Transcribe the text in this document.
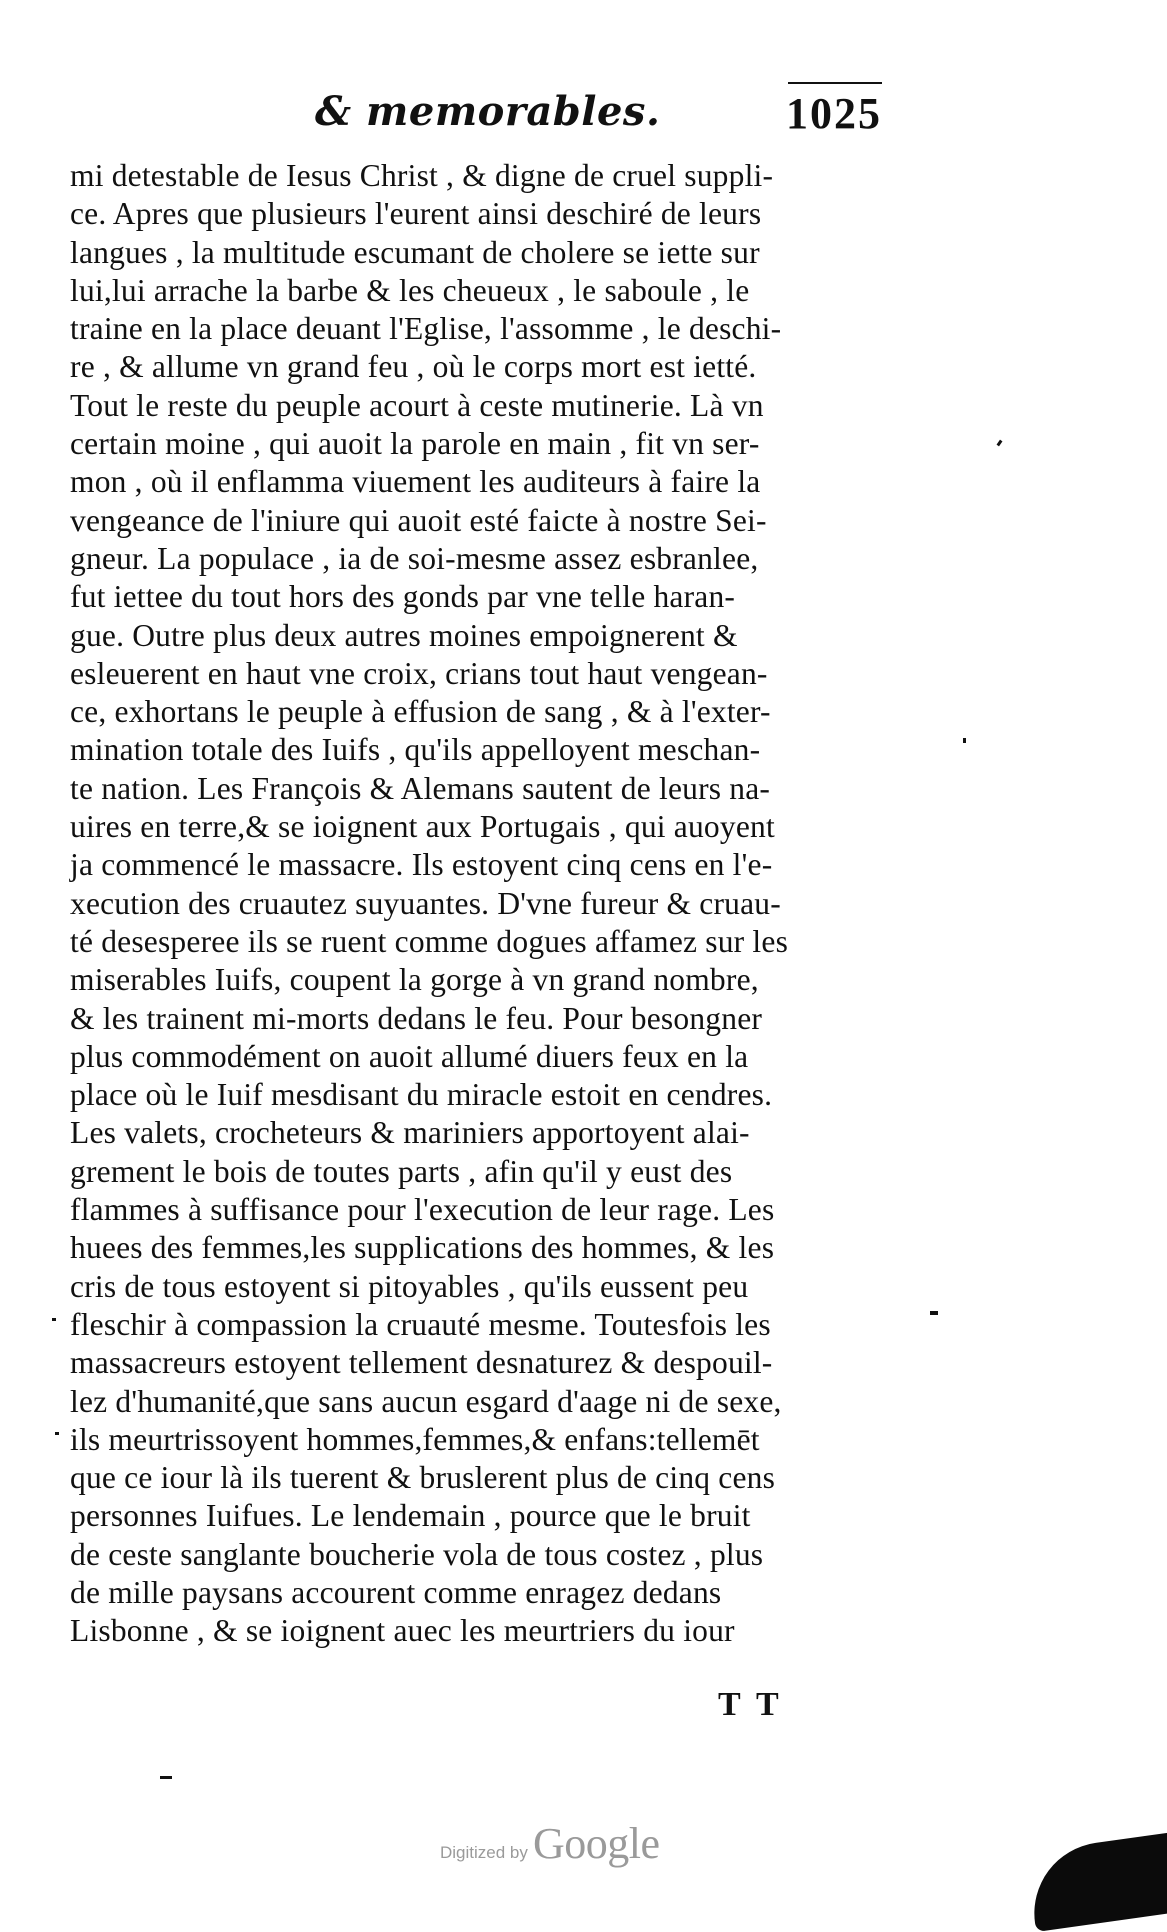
& memorables.	1025
mi detestable de Iesus Christ , & digne de cruel suppli-
ce. Apres que plusieurs l'eurent ainsi deschiré de leurs
langues , la multitude escumant de cholere se iette sur
lui,lui arrache la barbe & les cheueux , le saboule , le
traine en la place deuant l'Eglise, l'assomme , le deschi-
re , & allume vn grand feu , où le corps mort est ietté.
Tout le reste du peuple acourt à ceste mutinerie. Là vn
certain moine , qui auoit la parole en main , fit vn ser-
mon , où il enflamma viuement les auditeurs à faire la
vengeance de l'iniure qui auoit esté faicte à nostre Sei-
gneur. La populace , ia de soi-mesme assez esbranlee,
fut iettee du tout hors des gonds par vne telle haran-
gue. Outre plus deux autres moines empoignerent &
esleuerent en haut vne croix, crians tout haut vengean-
ce, exhortans le peuple à effusion de sang , & à l'exter-
mination totale des Iuifs , qu'ils appelloyent meschan-
te nation. Les François & Alemans sautent de leurs na-
uires en terre,& se ioignent aux Portugais , qui auoyent
ja commencé le massacre. Ils estoyent cinq cens en l'e-
xecution des cruautez suyuantes. D'vne fureur & cruau-
té desesperee ils se ruent comme dogues affamez sur les
miserables Iuifs, coupent la gorge à vn grand nombre,
& les trainent mi-morts dedans le feu. Pour besongner
plus commodément on auoit allumé diuers feux en la
place où le Iuif mesdisant du miracle estoit en cendres.
Les valets, crocheteurs & mariniers apportoyent alai-
grement le bois de toutes parts , afin qu'il y eust des
flammes à suffisance pour l'execution de leur rage. Les
huees des femmes,les supplications des hommes, & les
cris de tous estoyent si pitoyables , qu'ils eussent peu
fleschir à compassion la cruauté mesme. Toutesfois les
massacreurs estoyent tellement desnaturez & despouil-
lez d'humanité,que sans aucun esgard d'aage ni de sexe,
ils meurtrissoyent hommes,femmes,& enfans:tellemēt
que ce iour là ils tuerent & bruslerent plus de cinq cens
personnes Iuifues. Le lendemain , pource que le bruit
de ceste sanglante boucherie vola de tous costez , plus
de mille paysans accourent comme enragez dedans
Lisbonne , & se ioignent auec les meurtriers du iour
T T
Digitized by Google
